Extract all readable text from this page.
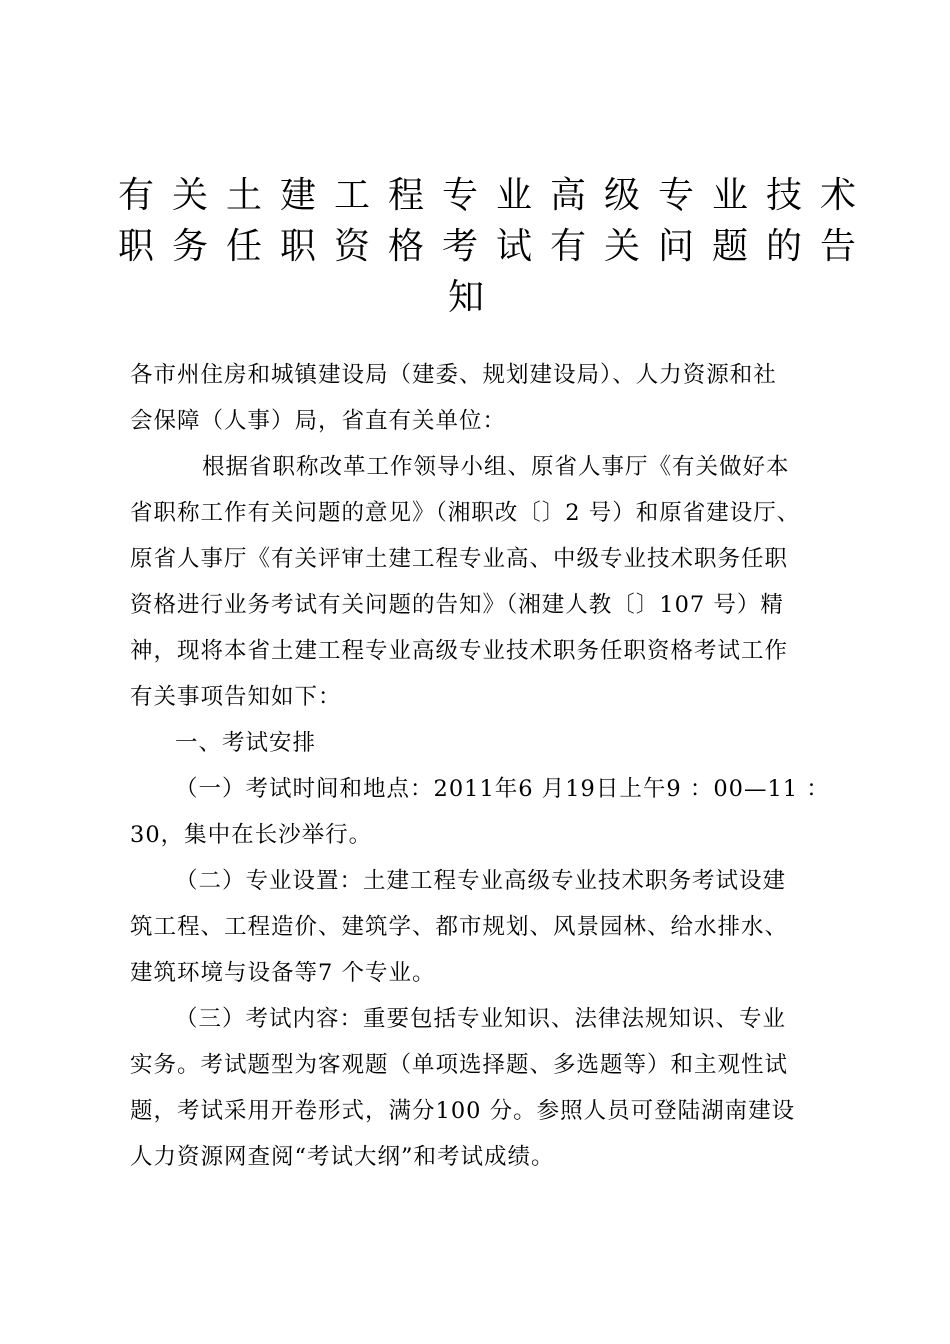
有关土建工程专业高级专业技术
职务任职资格考试有关问题的告
知

各市州住房和城镇建设局（建委、规划建设局）、人力资源和社
会保障（人事）局，省直有关单位：

根据省职称改革工作领导小组、原省人事厅《有关做好本
省职称工作有关问题的意见》（湘职改〔〕2 号）和原省建设厅、
原省人事厅《有关评审土建工程专业高、中级专业技术职务任职
资格进行业务考试有关问题的告知》（湘建人教〔〕107 号）精
神，现将本省土建工程专业高级专业技术职务任职资格考试工作
有关事项告知如下：

一、考试安排

（一）考试时间和地点：2011年6 月19日上午9 ：00—11 ：
30，集中在长沙举行。

（二）专业设置：土建工程专业高级专业技术职务考试设建
筑工程、工程造价、建筑学、都市规划、风景园林、给水排水、
建筑环境与设备等7 个专业。

（三）考试内容：重要包括专业知识、法律法规知识、专业
实务。考试题型为客观题（单项选择题、多选题等）和主观性试
题，考试采用开卷形式，满分100 分。参照人员可登陆湖南建设
人力资源网查阅“考试大纲”和考试成绩。
